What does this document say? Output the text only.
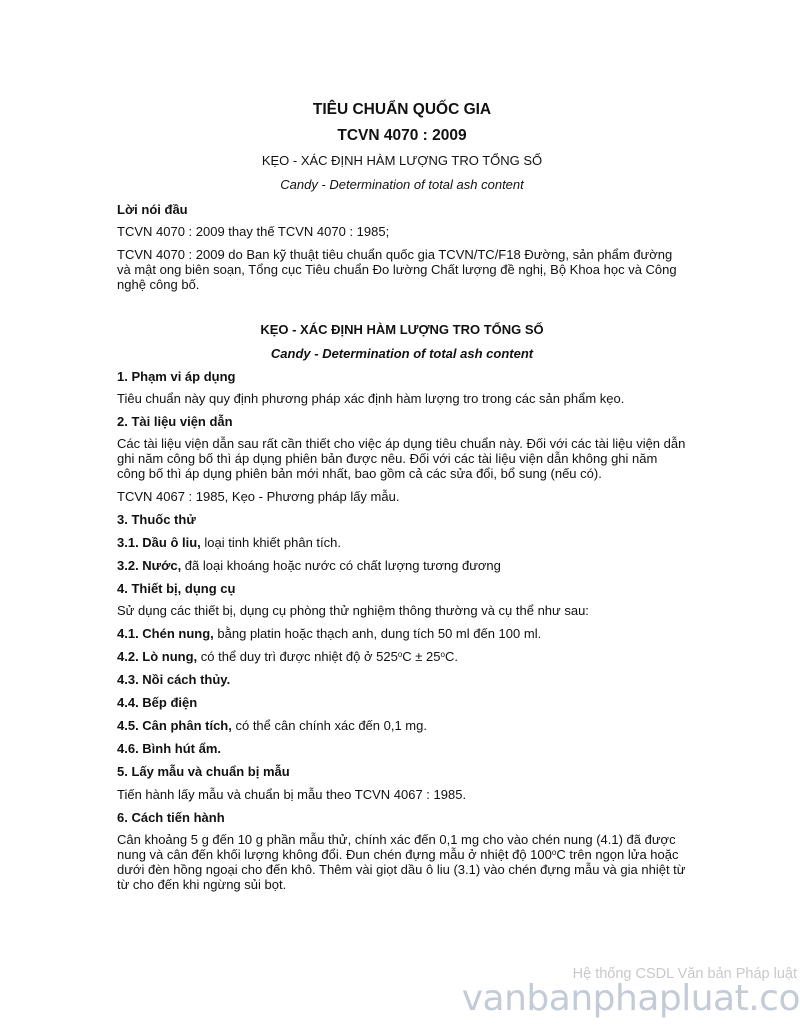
TIÊU CHUẨN QUỐC GIA
TCVN 4070 : 2009
KẸO - XÁC ĐỊNH HÀM LƯỢNG TRO TỔNG SỐ
Candy - Determination of total ash content
Lời nói đầu
TCVN 4070 : 2009 thay thế TCVN 4070 : 1985;
TCVN 4070 : 2009 do Ban kỹ thuật tiêu chuẩn quốc gia TCVN/TC/F18 Đường, sản phẩm đường và mật ong biên soạn, Tổng cục Tiêu chuẩn Đo lường Chất lượng đề nghị, Bộ Khoa học và Công nghệ công bố.
KẸO - XÁC ĐỊNH HÀM LƯỢNG TRO TỔNG SỐ
Candy - Determination of total ash content
1. Phạm vi áp dụng
Tiêu chuẩn này quy định phương pháp xác định hàm lượng tro trong các sản phẩm kẹo.
2. Tài liệu viện dẫn
Các tài liệu viện dẫn sau rất cần thiết cho việc áp dụng tiêu chuẩn này. Đối với các tài liệu viện dẫn ghi năm công bố thì áp dụng phiên bản được nêu. Đối với các tài liệu viện dẫn không ghi năm công bố thì áp dụng phiên bản mới nhất, bao gồm cả các sửa đổi, bổ sung (nếu có).
TCVN 4067 : 1985, Kẹo - Phương pháp lấy mẫu.
3. Thuốc thử
3.1. Dầu ô liu, loại tinh khiết phân tích.
3.2. Nước, đã loại khoáng hoặc nước có chất lượng tương đương
4. Thiết bị, dụng cụ
Sử dụng các thiết bị, dụng cụ phòng thử nghiệm thông thường và cụ thể như sau:
4.1. Chén nung, bằng platin hoặc thạch anh, dung tích 50 ml đến 100 ml.
4.2. Lò nung, có thể duy trì được nhiệt độ ở $525^oC \pm 25^oC$.
4.3. Nồi cách thủy.
4.4. Bếp điện
4.5. Cân phân tích, có thể cân chính xác đến 0,1 mg.
4.6. Bình hút ẩm.
5. Lấy mẫu và chuẩn bị mẫu
Tiến hành lấy mẫu và chuẩn bị mẫu theo TCVN 4067 : 1985.
6. Cách tiến hành
Cân khoảng 5 g đến 10 g phần mẫu thử, chính xác đến 0,1 mg cho vào chén nung (4.1) đã được nung và cân đến khối lượng không đổi. Đun chén đựng mẫu ở nhiệt độ 100$^o$C trên ngọn lửa hoặc dưới đèn hồng ngoại cho đến khô. Thêm vài giọt dầu ô liu (3.1) vào chén đựng mẫu và gia nhiệt từ từ cho đến khi ngừng sủi bọt.
Hệ thống CSDL Văn bản Pháp luật
vanbanphapluat.co
